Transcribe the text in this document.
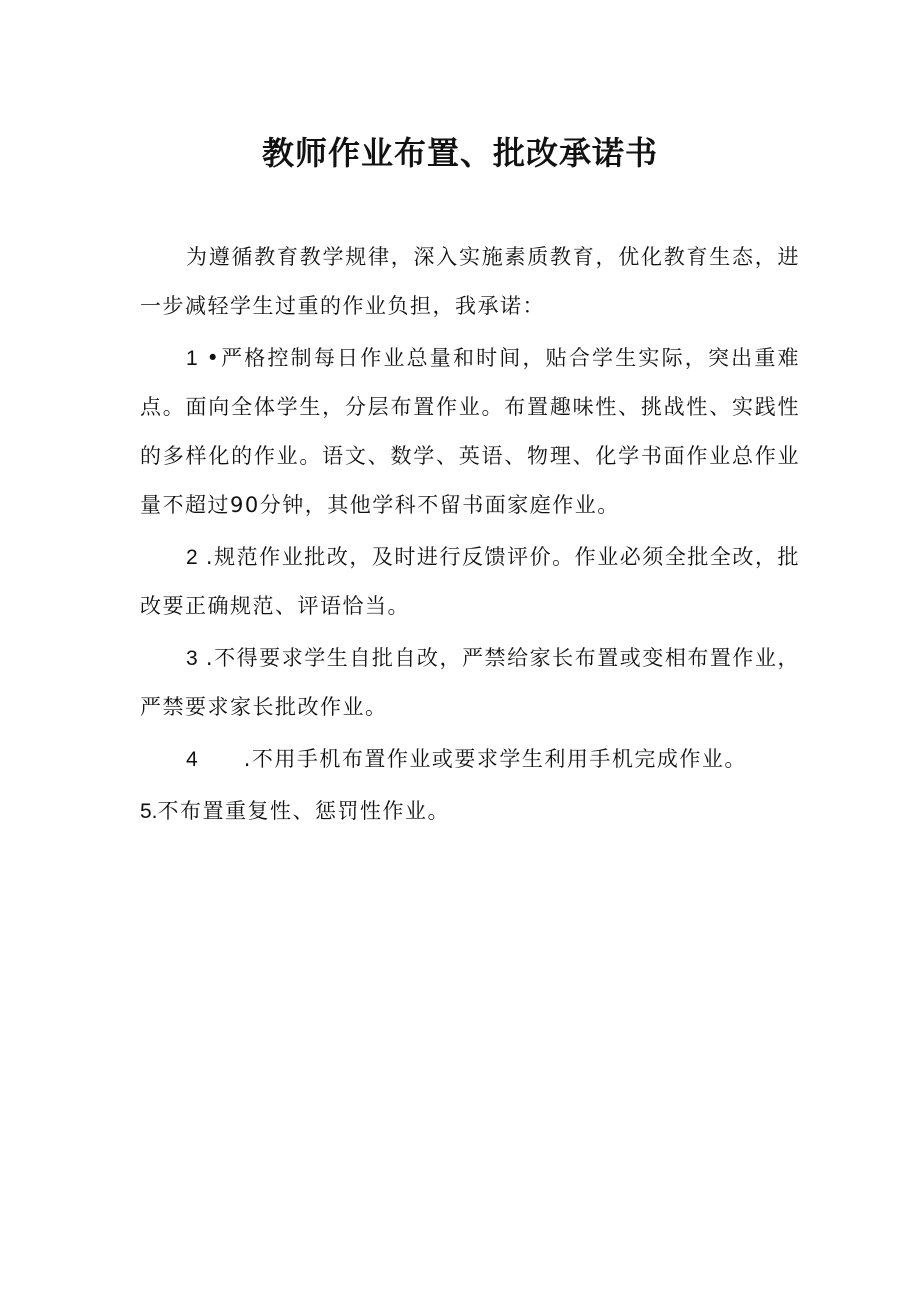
教师作业布置、批改承诺书

为遵循教育教学规律，深入实施素质教育，优化教育生态，进一步减轻学生过重的作业负担，我承诺：

1 •严格控制每日作业总量和时间，贴合学生实际，突出重难点。面向全体学生，分层布置作业。布置趣味性、挑战性、实践性的多样化的作业。语文、数学、英语、物理、化学书面作业总作业量不超过90分钟，其他学科不留书面家庭作业。

2 .规范作业批改，及时进行反馈评价。作业必须全批全改，批改要正确规范、评语恰当。

3 .不得要求学生自批自改，严禁给家长布置或变相布置作业，严禁要求家长批改作业。

4 .不用手机布置作业或要求学生利用手机完成作业。

5.不布置重复性、惩罚性作业。
